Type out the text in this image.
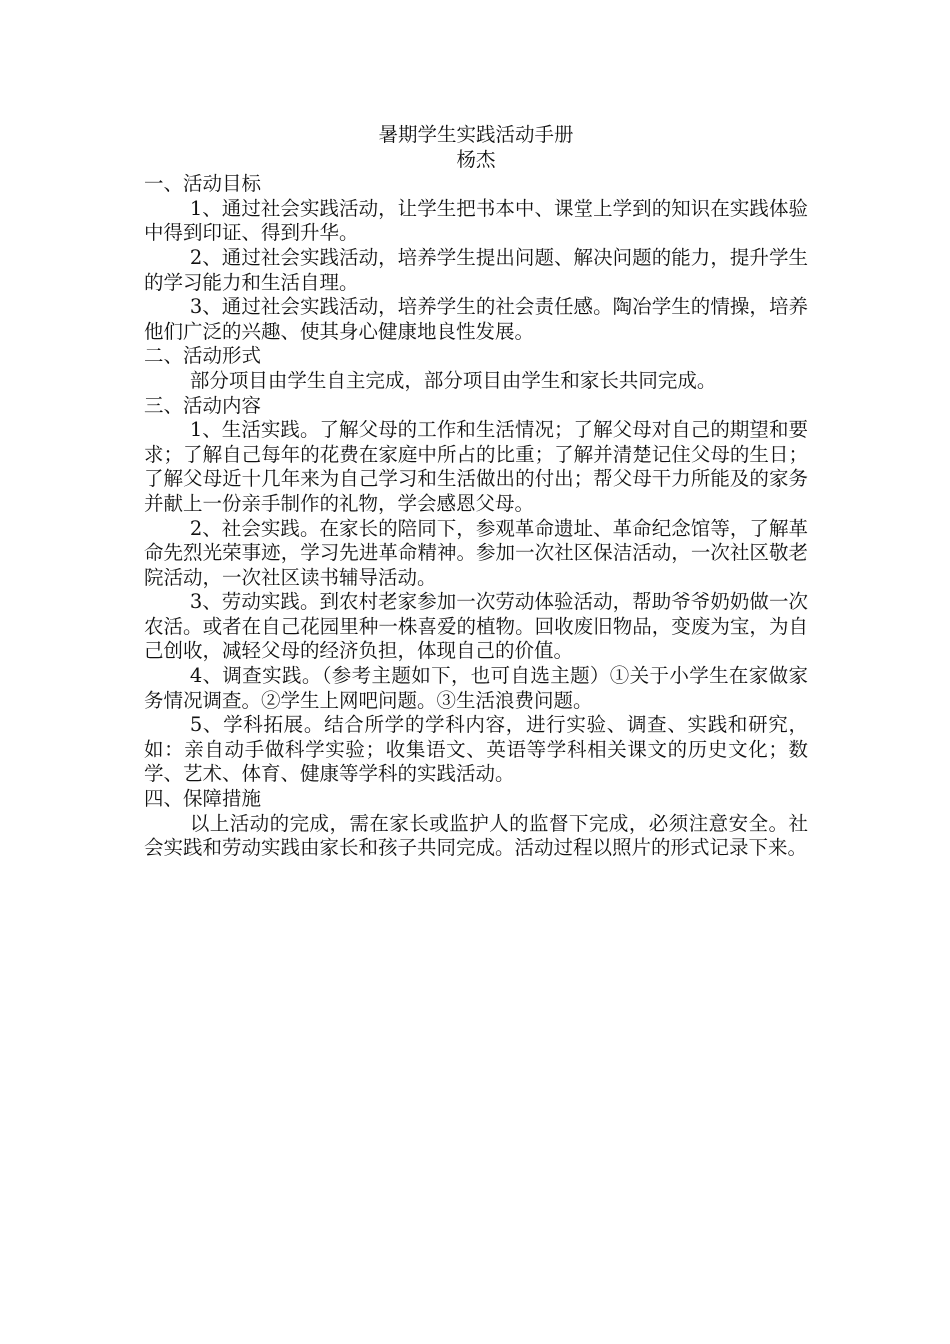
暑期学生实践活动手册

杨杰

一、活动目标

1、通过社会实践活动，让学生把书本中、课堂上学到的知识在实践体验中得到印证、得到升华。

2、通过社会实践活动，培养学生提出问题、解决问题的能力，提升学生的学习能力和生活自理。

3、通过社会实践活动，培养学生的社会责任感。陶冶学生的情操，培养他们广泛的兴趣、使其身心健康地良性发展。

二、活动形式

部分项目由学生自主完成，部分项目由学生和家长共同完成。

三、活动内容

1、生活实践。了解父母的工作和生活情况；了解父母对自己的期望和要求；了解自己每年的花费在家庭中所占的比重；了解并清楚记住父母的生日；了解父母近十几年来为自己学习和生活做出的付出；帮父母干力所能及的家务并献上一份亲手制作的礼物，学会感恩父母。

2、社会实践。在家长的陪同下，参观革命遗址、革命纪念馆等，了解革命先烈光荣事迹，学习先进革命精神。参加一次社区保洁活动，一次社区敬老院活动，一次社区读书辅导活动。

3、劳动实践。到农村老家参加一次劳动体验活动，帮助爷爷奶奶做一次农活。或者在自己花园里种一株喜爱的植物。回收废旧物品，变废为宝，为自己创收，减轻父母的经济负担，体现自己的价值。

4、调查实践。（参考主题如下，也可自选主题）①关于小学生在家做家务情况调查。②学生上网吧问题。③生活浪费问题。

5、学科拓展。结合所学的学科内容，进行实验、调查、实践和研究，如：亲自动手做科学实验；收集语文、英语等学科相关课文的历史文化；数学、艺术、体育、健康等学科的实践活动。

四、保障措施

以上活动的完成，需在家长或监护人的监督下完成，必须注意安全。社会实践和劳动实践由家长和孩子共同完成。活动过程以照片的形式记录下来。
